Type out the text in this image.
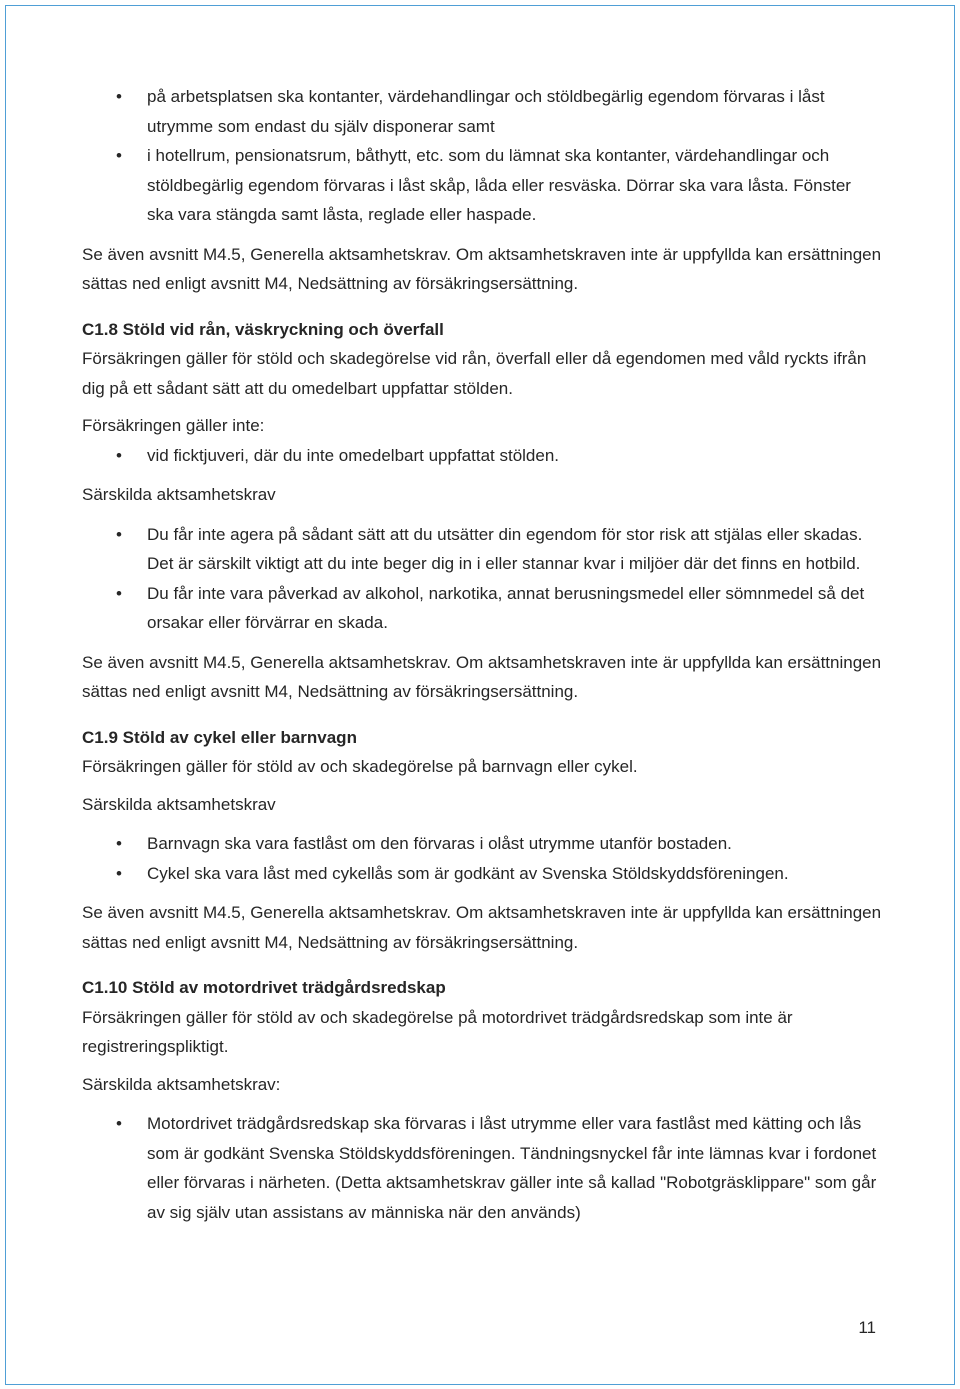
• på arbetsplatsen ska kontanter, värdehandlingar och stöldbegärlig egendom förvaras i låst utrymme som endast du själv disponerar samt
• i hotellrum, pensionatsrum, båthytt, etc. som du lämnat ska kontanter, värdehandlingar och stöldbegärlig egendom förvaras i låst skåp, låda eller resväska. Dörrar ska vara låsta. Fönster ska vara stängda samt låsta, reglade eller haspade.

Se även avsnitt M4.5, Generella aktsamhetskrav. Om aktsamhetskraven inte är uppfyllda kan ersättningen sättas ned enligt avsnitt M4, Nedsättning av försäkringsersättning.

C1.8 Stöld vid rån, väskryckning och överfall

Försäkringen gäller för stöld och skadegörelse vid rån, överfall eller då egendomen med våld ryckts ifrån dig på ett sådant sätt att du omedelbart uppfattar stölden.

Försäkringen gäller inte:

• vid ficktjuveri, där du inte omedelbart uppfattat stölden.

Särskilda aktsamhetskrav

• Du får inte agera på sådant sätt att du utsätter din egendom för stor risk att stjälas eller skadas. Det är särskilt viktigt att du inte beger dig in i eller stannar kvar i miljöer där det finns en hotbild.
• Du får inte vara påverkad av alkohol, narkotika, annat berusningsmedel eller sömnmedel så det orsakar eller förvärrar en skada.

Se även avsnitt M4.5, Generella aktsamhetskrav. Om aktsamhetskraven inte är uppfyllda kan ersättningen sättas ned enligt avsnitt M4, Nedsättning av försäkringsersättning.

C1.9 Stöld av cykel eller barnvagn

Försäkringen gäller för stöld av och skadegörelse på barnvagn eller cykel.

Särskilda aktsamhetskrav

• Barnvagn ska vara fastlåst om den förvaras i olåst utrymme utanför bostaden.
• Cykel ska vara låst med cykellås som är godkänt av Svenska Stöldskyddsföreningen.

Se även avsnitt M4.5, Generella aktsamhetskrav. Om aktsamhetskraven inte är uppfyllda kan ersättningen sättas ned enligt avsnitt M4, Nedsättning av försäkringsersättning.

C1.10 Stöld av motordrivet trädgårdsredskap

Försäkringen gäller för stöld av och skadegörelse på motordrivet trädgårdsredskap som inte är registreringspliktigt.

Särskilda aktsamhetskrav:

• Motordrivet trädgårdsredskap ska förvaras i låst utrymme eller vara fastlåst med kätting och lås som är godkänt Svenska Stöldskyddsföreningen. Tändningsnyckel får inte lämnas kvar i fordonet eller förvaras i närheten. (Detta aktsamhetskrav gäller inte så kallad "Robotgräsklippare" som går av sig själv utan assistans av människa när den används)
11
